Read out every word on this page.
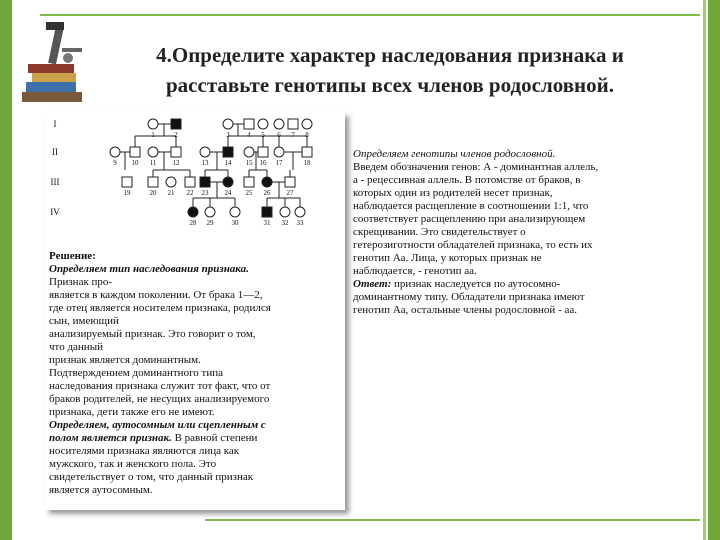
4.Определите характер наследования признака и
расставьте генотипы всех членов родословной.
I
II
III
IV
1	2	3	4 5 6 7 8
9 10 11 12	13 14 15 16 17	18
19	20 21 22 23 24 25 26 27
28 29	30	31 32 33

Решение:

Определяем тип наследования признака.

Признак про-

является в каждом поколении. От брака 1—2,

где отец является носителем признака, родился

сын, имеющий

анализируемый признак. Это говорит о том,

что данный

признак является доминантным.

Подтверждением доминантного типа

наследования признака служит тот факт, что от

браков родителей, не несущих анализируемого

признака, дети также его не имеют.

Определяем, аутосомным или сцепленным с

полом является признак. В равной степени

носителями признака являются лица как

мужского, так и женского пола. Это

свидетельствует о том, что данный признак

является аутосомным.

Определяем генотипы членов родословной.

Введем обозначения генов: А - доминантная аллель,

а - рецессивная аллель. В потомстве от браков, в

которых один из родителей несет признак,

наблюдается расщепление в соотношении 1:1, что

соответствует расщеплению при анализирующем

скрещивании. Это свидетельствует о

гетерозиготности обладателей признака, то есть их

генотип Аа. Лица, у которых признак не

наблюдается, - генотип аа.

Ответ: признак наследуется по аутосомно-

доминантному типу. Обладатели признака имеют

генотип Аа, остальные члены родословной - аа.
